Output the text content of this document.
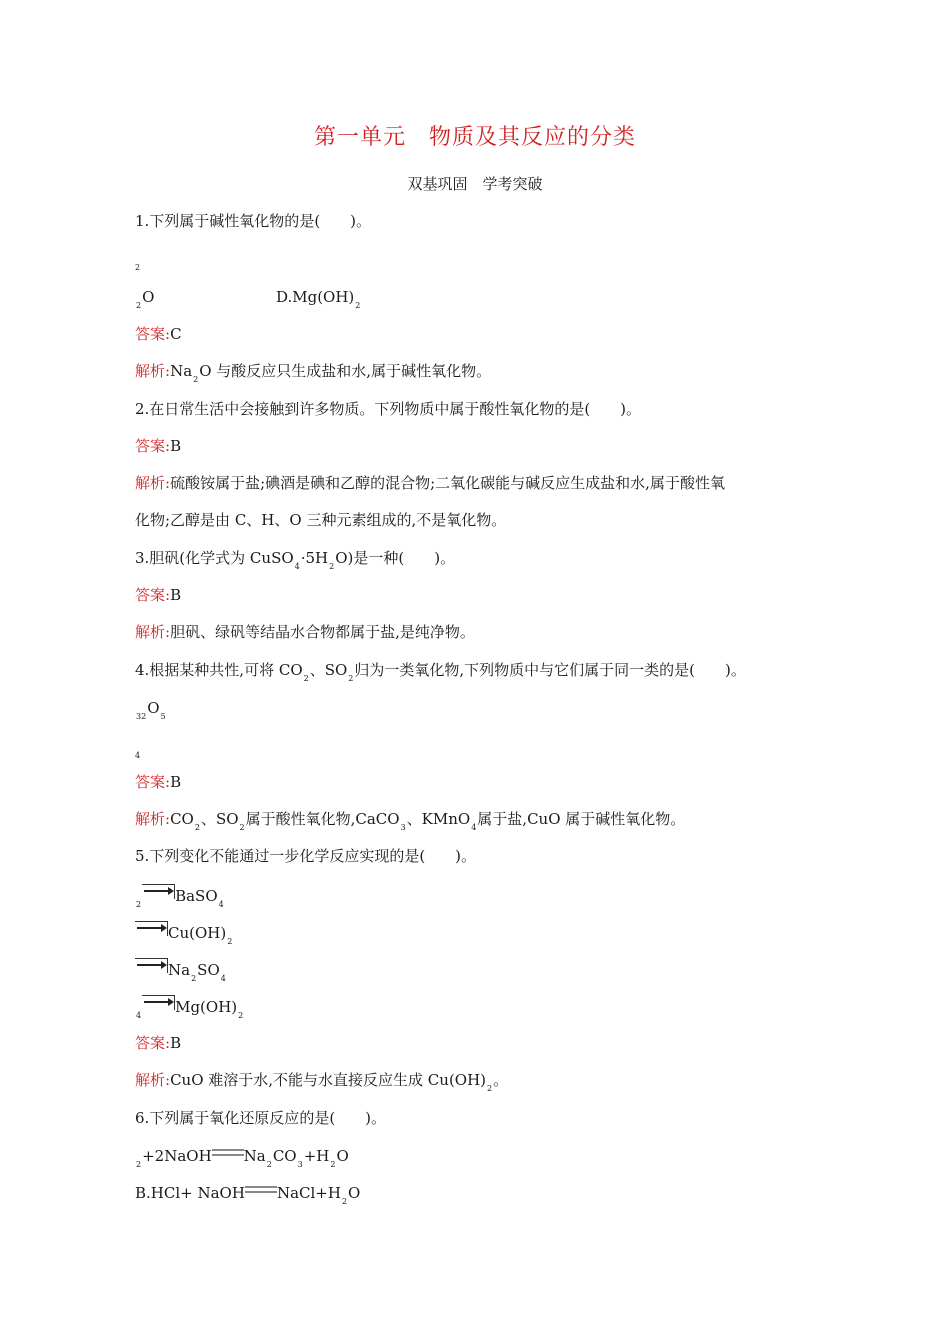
第一单元　物质及其反应的分类
双基巩固　学考突破
1.下列属于碱性氧化物的是(　　)。
2
$_2$O	$D.Mg(OH)_2$
答案:C
解析$:Na_2O$ 与酸反应只生成盐和水,属于碱性氧化物。
2.在日常生活中会接触到许多物质。下列物质中属于酸性氧化物的是(　　)。
答案:B
解析:硫酸铵属于盐;碘酒是碘和乙醇的混合物;二氧化碳能与碱反应生成盐和水,属于酸性氧
化物;乙醇是由 C、H、O 三种元素组成的,不是氧化物。
3.胆矾(化学式为 $CuSO_4\cdot 5H_2O$)是一种(　　)。
答案:B
解析:胆矾、绿矾等结晶水合物都属于盐,是纯净物。
4.根据某种共性,可将 $CO_2$、$SO_2$归为一类氧化物,下列物质中与它们属于同一类的是(　　)。
$_{32}O_5$
4
答案:B
解析$:CO_2$、$SO_2$属于酸性氧化物,CaCO$_3$、KMnO$_4$属于盐,CuO 属于碱性氧化物。
5.下列变化不能通过一步化学反应实现的是(　　)。
$_2$ →BaSO$_4$
$\to Cu(OH)_2$
$\to Na_2SO_4$
$_4 \to Mg(OH)_2$
答案:B
解析:CuO 难溶于水,不能与水直接反应生成 $Cu(OH)_2$。
6.下列属于氧化还原反应的是(　　)。
$_2$+2NaOH $Na_2CO_3+H_2O$
B.HCl+ NaOH $NaCl+H_2O$
